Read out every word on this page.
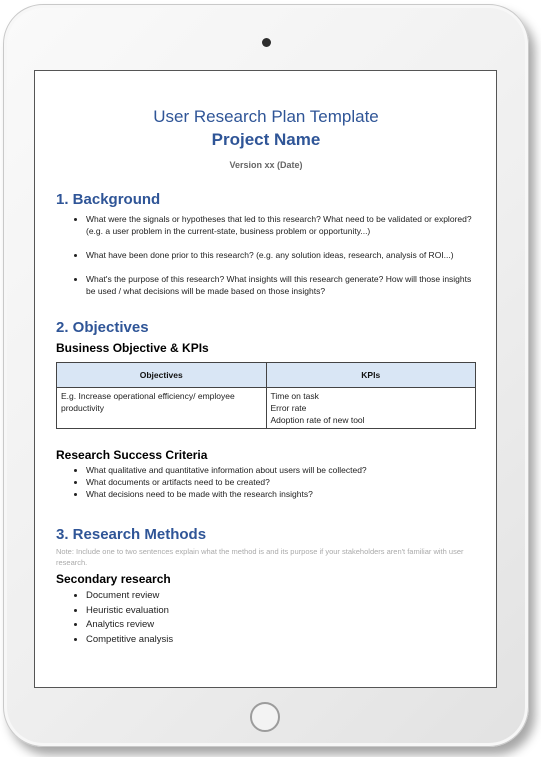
User Research Plan Template
Project Name
Version xx (Date)
1. Background
• What were the signals or hypotheses that led to this research? What need to be validated or explored? (e.g. a user problem in the current-state, business problem or opportunity...)
• What have been done prior to this research? (e.g. any solution ideas, research, analysis of ROI...)
• What's the purpose of this research? What insights will this research generate? How will those insights be used / what decisions will be made based on those insights?
2. Objectives
Business Objective & KPIs
Objectives	KPIs
E.g. Increase operational efficiency/ employee productivity	Time on task
Error rate
Adoption rate of new tool
Research Success Criteria
• What qualitative and quantitative information about users will be collected?
• What documents or artifacts need to be created?
• What decisions need to be made with the research insights?
3. Research Methods
Note: Include one to two sentences explain what the method is and its purpose if your stakeholders aren't familiar with user research.
Secondary research
• Document review
• Heuristic evaluation
• Analytics review
• Competitive analysis
